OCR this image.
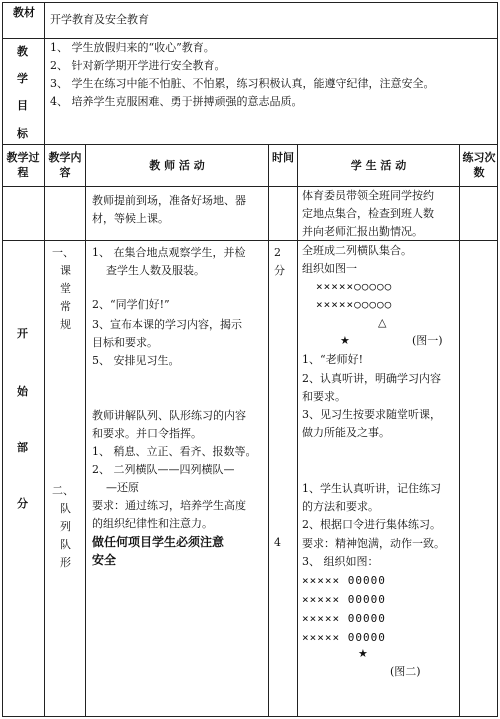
教材
开学教育及安全教育
教
学
目
标
1、 学生放假归来的“收心”教育。
2、 针对新学期开学进行安全教育。
3、 学生在练习中能不怕脏、不怕累，练习积极认真，能遵守纪律，注意安全。
4、 培养学生克服困难、勇于拼搏顽强的意志品质。
教学过程
教学内容
教 师 活 动
时间
学 生 活 动
练习次数
教师提前到场，准备好场地、器
材，等候上课。
体育委员带领全班同学按约
定地点集合，检查到班人数
并向老师汇报出勤情况。
开
始
部
分
一、
课
堂
常
规
二、
队
列
队
形
1、 在集合地点观察学生，并检
查学生人数及服装。
2、“同学们好!”
3、宣布本课的学习内容，揭示
目标和要求。
5、 安排见习生。
教师讲解队列、队形练习的内容
和要求。并口令指挥。
1、 稍息、立正、看齐、报数等。
2、 二列横队——四列横队—
—还原
要求：通过练习，培养学生高度
的组织纪律性和注意力。
做任何项目学生必须注意
安全
2
分
4
全班成二列横队集合。
组织如图一
×××××○○○○○
×××××○○○○○
△
★	(图一)
1、“老师好!
2、认真听讲，明确学习内容
和要求。
3、见习生按要求随堂听课，
做力所能及之事。
1、学生认真听讲，记住练习
的方法和要求。
2、根据口令进行集体练习。
要求：精神饱满，动作一致。
3、 组织如图：
××××× 00000
××××× 00000
××××× 00000
××××× 00000
★
(图二)
